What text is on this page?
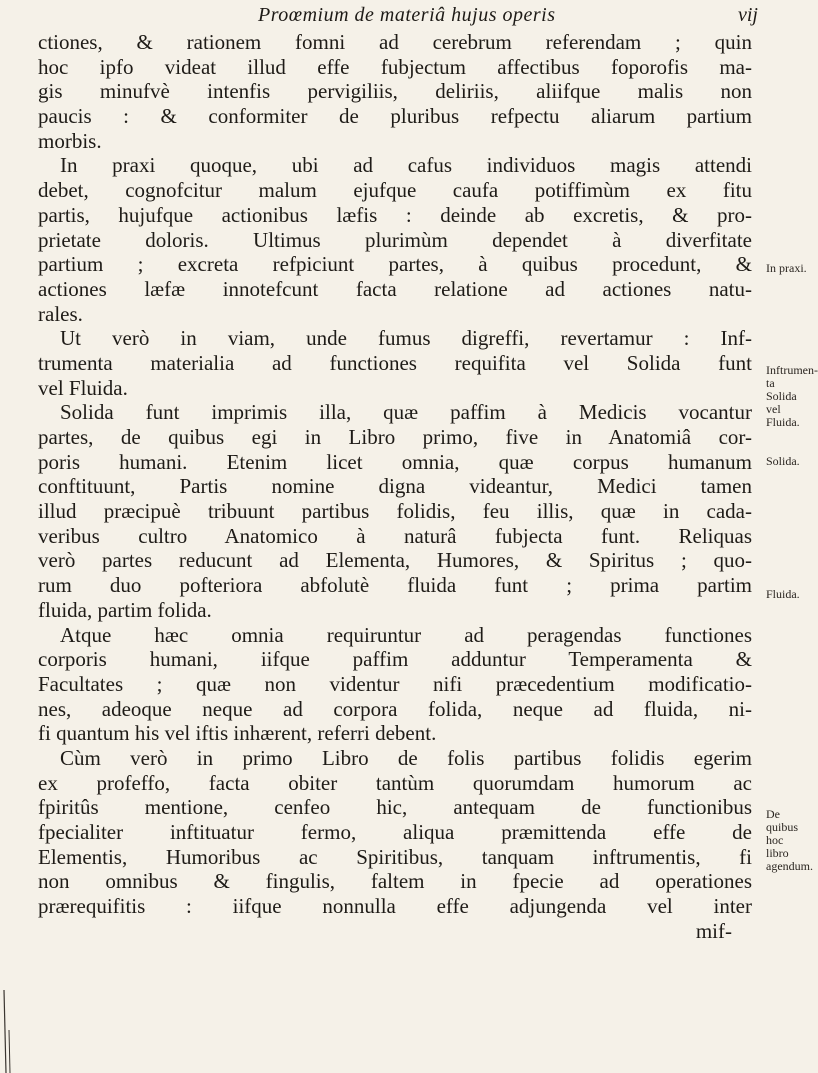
Proœmium de materiâ hujus operis	vij
ctiones, & rationem fomni ad cerebrum referendam ; quin
hoc ipfo videat illud effe fubjectum affectibus foporofis ma-
gis minufvè intenfis pervigiliis, deliriis, aliifque malis non
paucis : & conformiter de pluribus refpectu aliarum partium
morbis.
In praxi quoque, ubi ad cafus individuos magis attendi
debet, cognofcitur malum ejufque caufa potiffimùm ex fitu
partis, hujufque actionibus læfis : deinde ab excretis, & pro-
prietate doloris. Ultimus plurimùm dependet à diverfitate
partium ; excreta refpiciunt partes, à quibus procedunt, &
actiones læfæ innotefcunt facta relatione ad actiones natu-
rales.
Ut verò in viam, unde fumus digreffi, revertamur : Inf-
trumenta materialia ad functiones requifita vel Solida funt
vel Fluida.
Solida funt imprimis illa, quæ paffim à Medicis vocantur
partes, de quibus egi in Libro primo, five in Anatomiâ cor-
poris humani. Etenim licet omnia, quæ corpus humanum
conftituunt, Partis nomine digna videantur, Medici tamen
illud præcipuè tribuunt partibus folidis, feu illis, quæ in cada-
veribus cultro Anatomico à naturâ fubjecta funt. Reliquas
verò partes reducunt ad Elementa, Humores, & Spiritus ; quo-
rum duo pofteriora abfolutè fluida funt ; prima partim
fluida, partim folida.
Atque hæc omnia requiruntur ad peragendas functiones
corporis humani, iifque paffim adduntur Temperamenta &
Facultates ; quæ non videntur nifi præcedentium modificatio-
nes, adeoque neque ad corpora folida, neque ad fluida, ni-
fi quantum his vel iftis inhærent, referri debent.
Cùm verò in primo Libro de folis partibus folidis egerim
ex profeffo, facta obiter tantùm quorumdam humorum ac
fpiritûs mentione, cenfeo hic, antequam de functionibus
fpecialiter inftituatur fermo, aliqua præmittenda effe de
Elementis, Humoribus ac Spiritibus, tanquam inftrumentis, fi
non omnibus & fingulis, faltem in fpecie ad operationes
prærequifitis : iifque nonnulla effe adjungenda vel inter
mif-
In praxi.
Inftrumen-
ta Solida
vel Fluida.
Solida.
Fluida.
De quibus
hoc libro
agendum.
